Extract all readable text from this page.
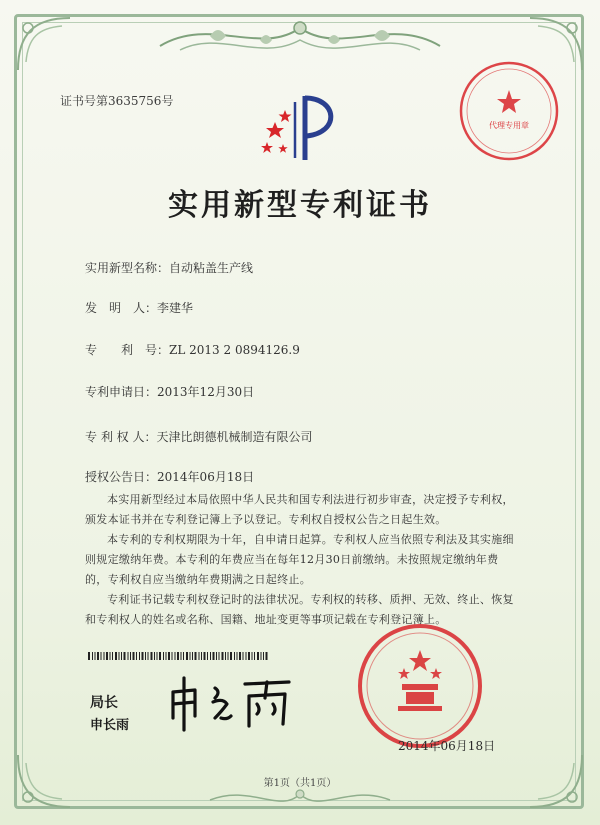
证书号第3635756号
代理专用章
实用新型专利证书
实用新型名称：自动粘盖生产线
发　明　人：李建华
专　　利　号：ZL 2013 2 0894126.9
专利申请日：2013年12月30日
专 利 权 人：天津比朗德机械制造有限公司
授权公告日：2014年06月18日

本实用新型经过本局依照中华人民共和国专利法进行初步审查，决定授予专利权，颁发本证书并在专利登记簿上予以登记。专利权自授权公告之日起生效。

本专利的专利权期限为十年，自申请日起算。专利权人应当依照专利法及其实施细则规定缴纳年费。本专利的年费应当在每年12月30日前缴纳。未按照规定缴纳年费的，专利权自应当缴纳年费期满之日起终止。

专利证书记载专利权登记时的法律状况。专利权的转移、质押、无效、终止、恢复和专利权人的姓名或名称、国籍、地址变更等事项记载在专利登记簿上。

局长
申长雨
2014年06月18日
第1页（共1页）
